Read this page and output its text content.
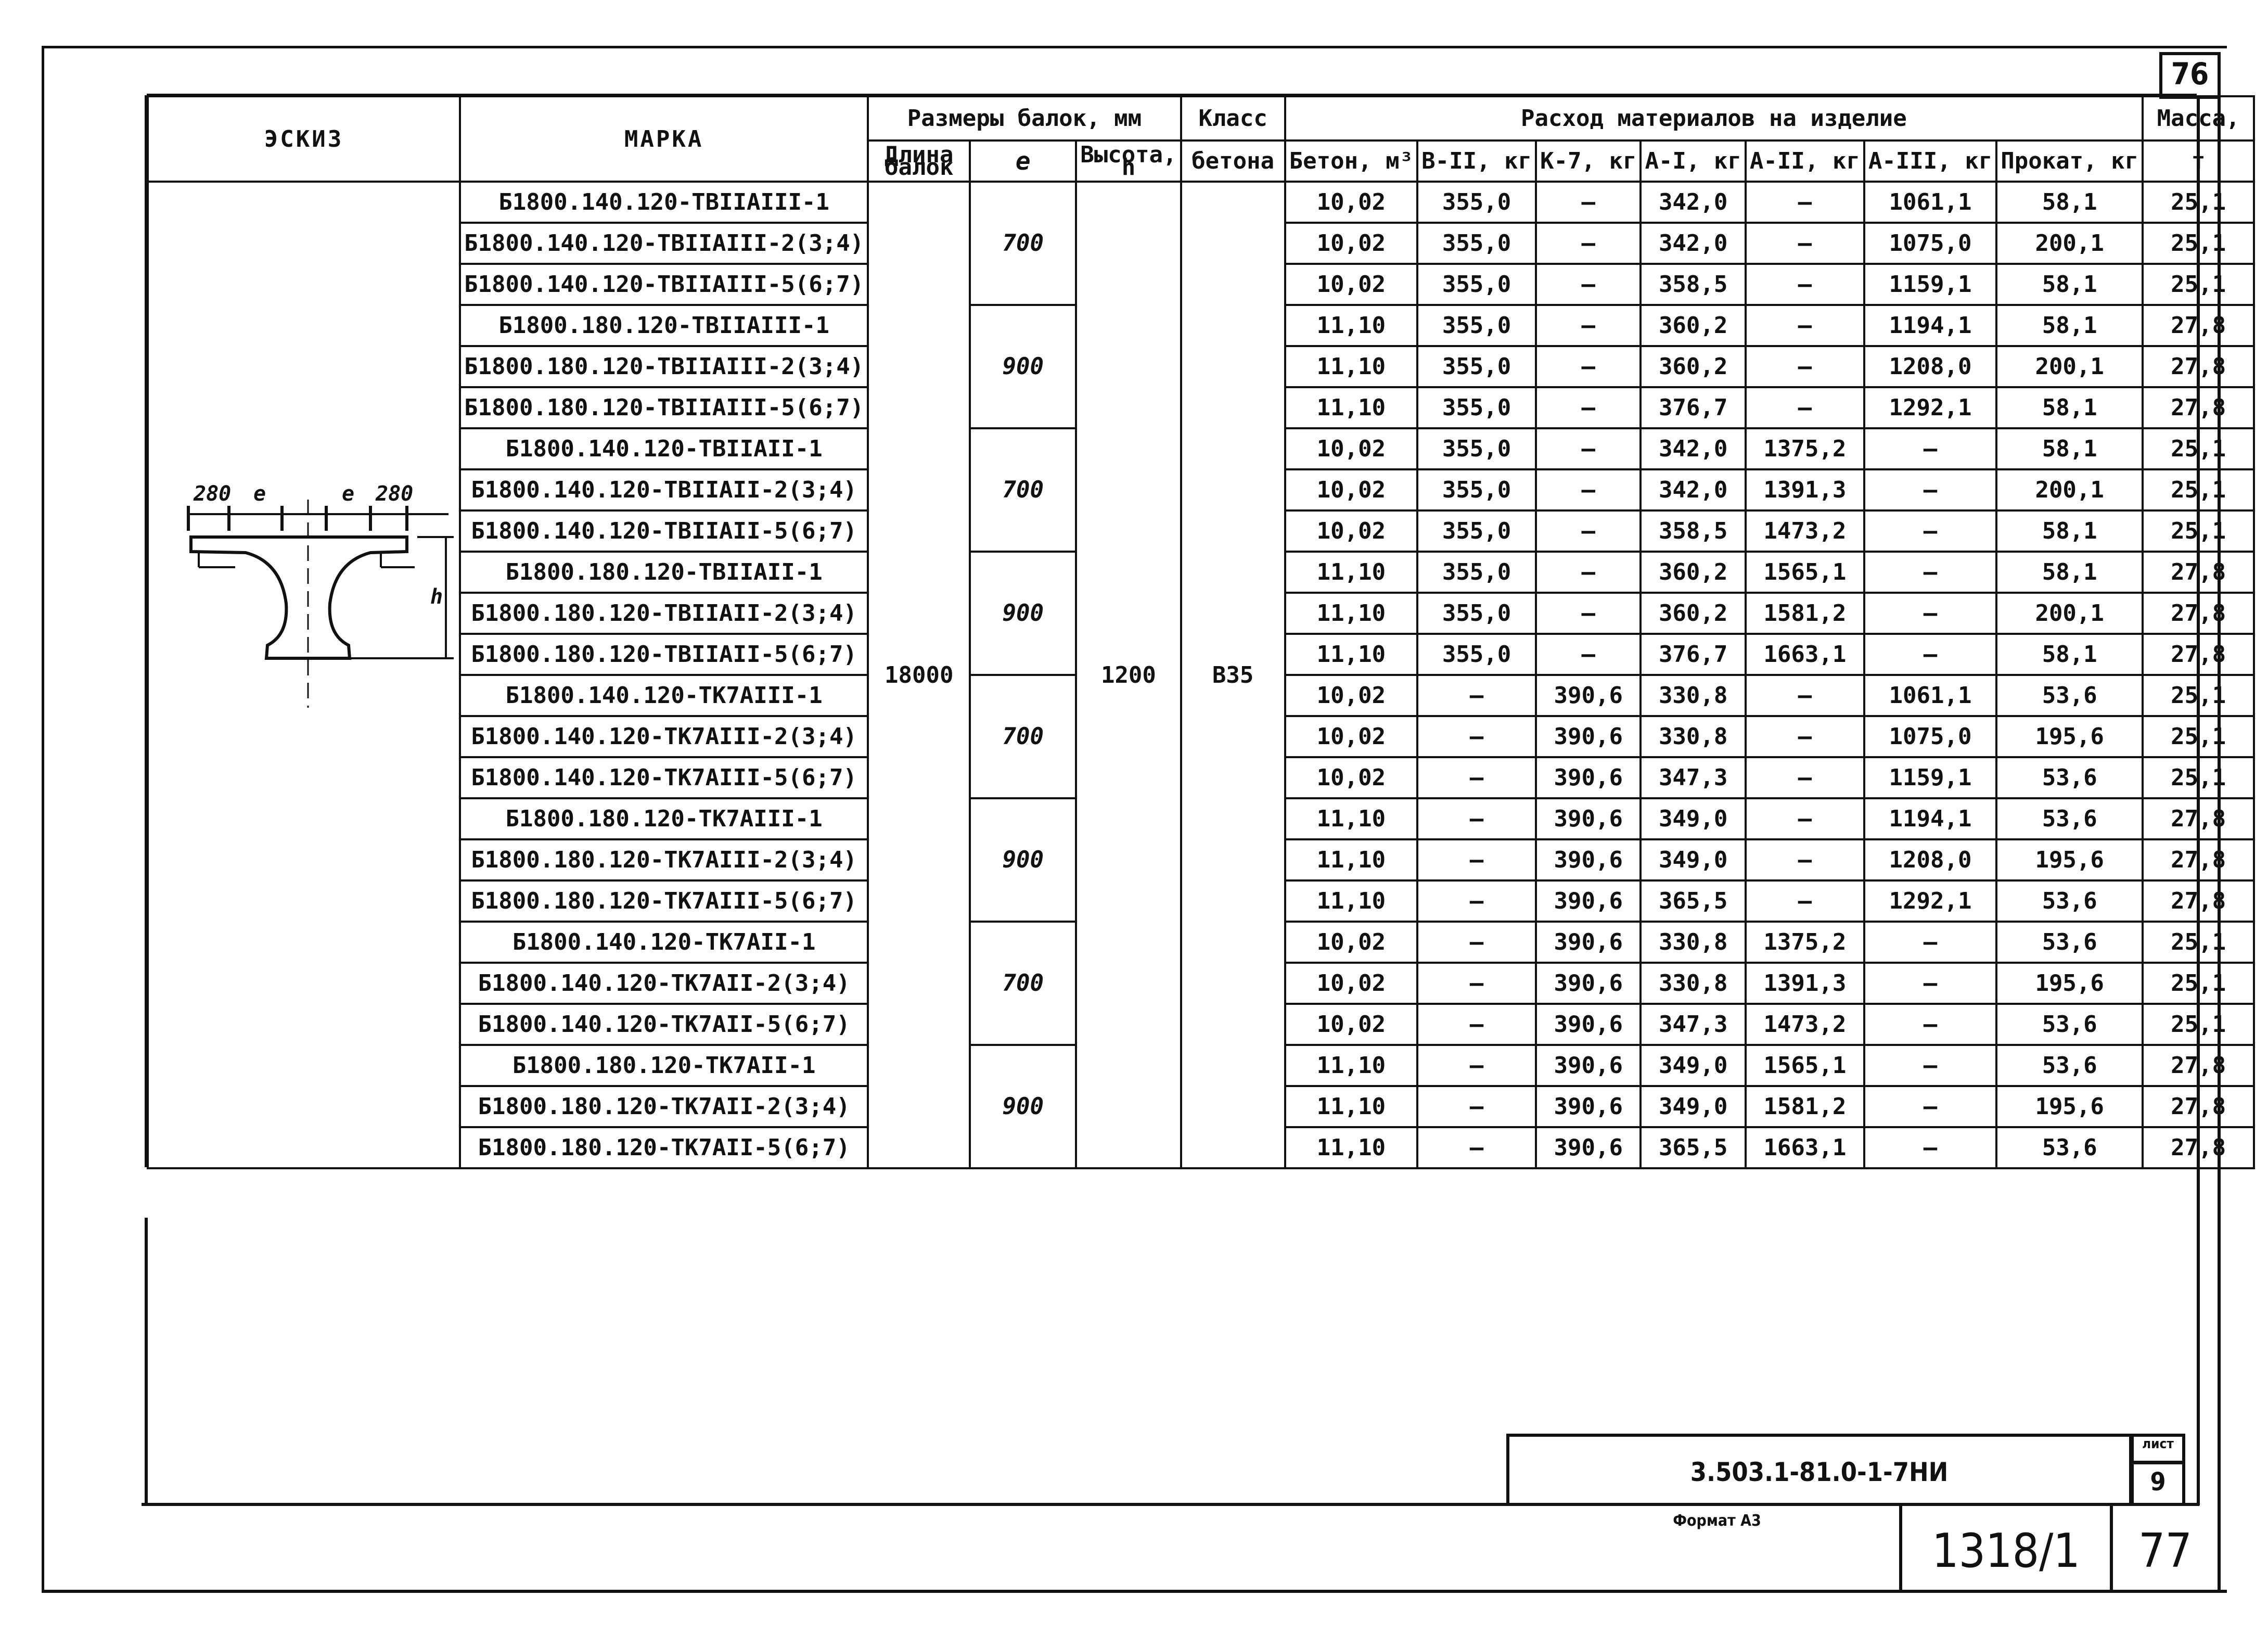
76
ЭСКИЗ	МАРКА	Размеры балок, мм			Класс	Расход материалов на изделие							Масса,
		Длина балок	e	Высота, h	бетона	Бетон, м³	В-II, кг	К-7, кг	А-I, кг	А-II, кг	А-III, кг	Прокат, кг	т

280 e e 280
h	Б1800.140.120-ТВIIАIII-1	18000	700	1200	В35	10,02	355,0	—	342,0	—	1061,1	58,1	25,1
	Б1800.140.120-ТВIIАIII-2(3;4)					10,02	355,0	—	342,0	—	1075,0	200,1	25,1
	Б1800.140.120-ТВIIАIII-5(6;7)					10,02	355,0	—	358,5	—	1159,1	58,1	25,1
	Б1800.180.120-ТВIIАIII-1		900			11,10	355,0	—	360,2	—	1194,1	58,1	27,8
	Б1800.180.120-ТВIIАIII-2(3;4)					11,10	355,0	—	360,2	—	1208,0	200,1	27,8
	Б1800.180.120-ТВIIАIII-5(6;7)					11,10	355,0	—	376,7	—	1292,1	58,1	27,8
	Б1800.140.120-ТВIIАII-1		700			10,02	355,0	—	342,0	1375,2	—	58,1	25,1
	Б1800.140.120-ТВIIАII-2(3;4)					10,02	355,0	—	342,0	1391,3	—	200,1	25,1
	Б1800.140.120-ТВIIАII-5(6;7)					10,02	355,0	—	358,5	1473,2	—	58,1	25,1
	Б1800.180.120-ТВIIАII-1		900			11,10	355,0	—	360,2	1565,1	—	58,1	27,8
	Б1800.180.120-ТВIIАII-2(3;4)					11,10	355,0	—	360,2	1581,2	—	200,1	27,8
	Б1800.180.120-ТВIIАII-5(6;7)					11,10	355,0	—	376,7	1663,1	—	58,1	27,8
	Б1800.140.120-ТК7АIII-1		700			10,02	—	390,6	330,8	—	1061,1	53,6	25,1
	Б1800.140.120-ТК7АIII-2(3;4)					10,02	—	390,6	330,8	—	1075,0	195,6	25,1
	Б1800.140.120-ТК7АIII-5(6;7)					10,02	—	390,6	347,3	—	1159,1	53,6	25,1
	Б1800.180.120-ТК7АIII-1		900			11,10	—	390,6	349,0	—	1194,1	53,6	27,8
	Б1800.180.120-ТК7АIII-2(3;4)					11,10	—	390,6	349,0	—	1208,0	195,6	27,8
	Б1800.180.120-ТК7АIII-5(6;7)					11,10	—	390,6	365,5	—	1292,1	53,6	27,8
	Б1800.140.120-ТК7АII-1		700			10,02	—	390,6	330,8	1375,2	—	53,6	25,1
	Б1800.140.120-ТК7АII-2(3;4)					10,02	—	390,6	330,8	1391,3	—	195,6	25,1
	Б1800.140.120-ТК7АII-5(6;7)					10,02	—	390,6	347,3	1473,2	—	53,6	25,1
	Б1800.180.120-ТК7АII-1		900			11,10	—	390,6	349,0	1565,1	—	53,6	27,8
	Б1800.180.120-ТК7АII-2(3;4)					11,10	—	390,6	349,0	1581,2	—	195,6	27,8
	Б1800.180.120-ТК7АII-5(6;7)					11,10	—	390,6	365,5	1663,1	—	53,6	27,8
3.503.1-81.0-1-7НИ
лист
9
Формат А3
1318/1	77
